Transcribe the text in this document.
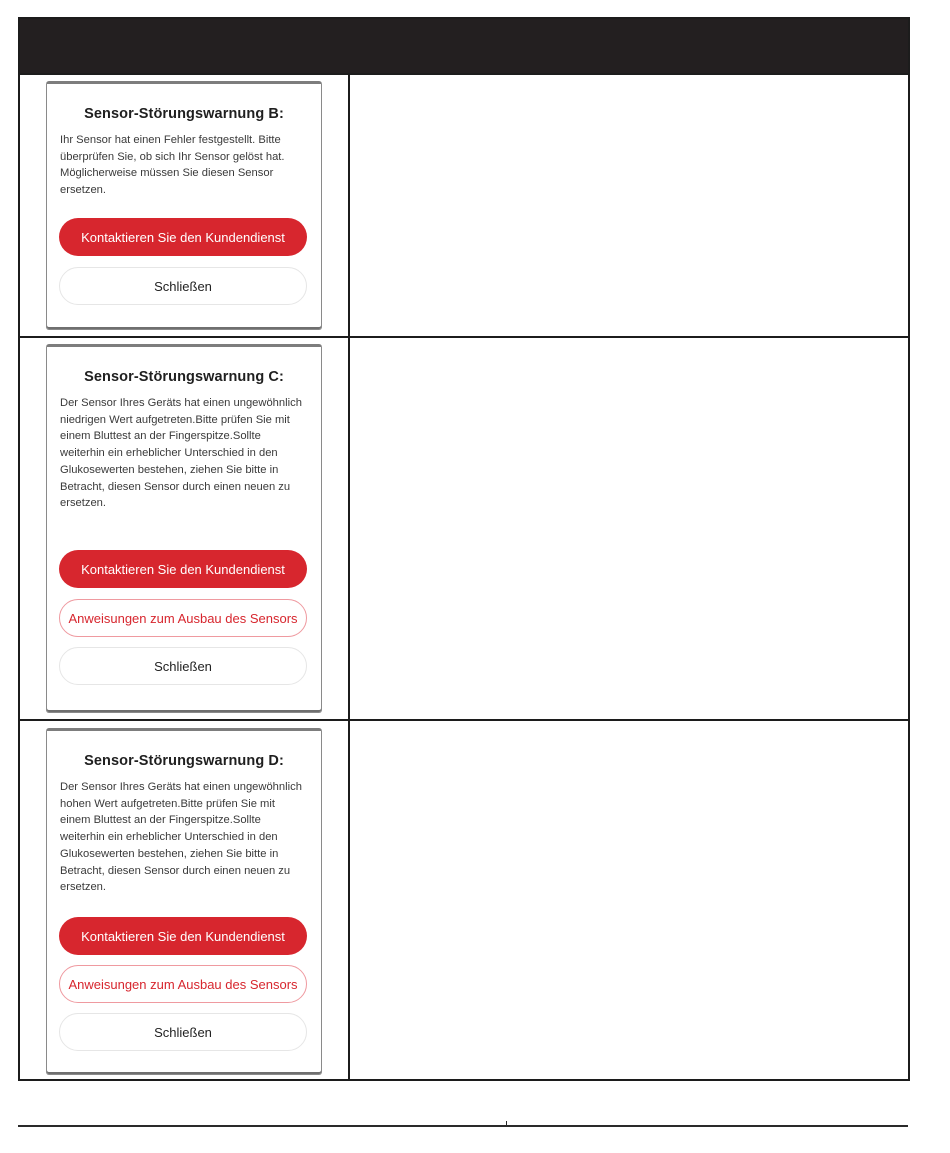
Sensor-Störungswarnung B:
Ihr Sensor hat einen Fehler festgestellt. Bitte überprüfen Sie, ob sich Ihr Sensor gelöst hat. Möglicherweise müssen Sie diesen Sensor ersetzen.
Kontaktieren Sie den Kundendienst
Schließen
Sensor-Störungswarnung C:
Der Sensor Ihres Geräts hat einen ungewöhnlich niedrigen Wert aufgetreten.Bitte prüfen Sie mit einem Bluttest an der Fingerspitze.Sollte weiterhin ein erheblicher Unterschied in den Glukosewerten bestehen, ziehen Sie bitte in Betracht, diesen Sensor durch einen neuen zu ersetzen.
Kontaktieren Sie den Kundendienst
Anweisungen zum Ausbau des Sensors
Schließen
Sensor-Störungswarnung D:
Der Sensor Ihres Geräts hat einen ungewöhnlich hohen Wert aufgetreten.Bitte prüfen Sie mit einem Bluttest an der Fingerspitze.Sollte weiterhin ein erheblicher Unterschied in den Glukosewerten bestehen, ziehen Sie bitte in Betracht, diesen Sensor durch einen neuen zu ersetzen.
Kontaktieren Sie den Kundendienst
Anweisungen zum Ausbau des Sensors
Schließen
